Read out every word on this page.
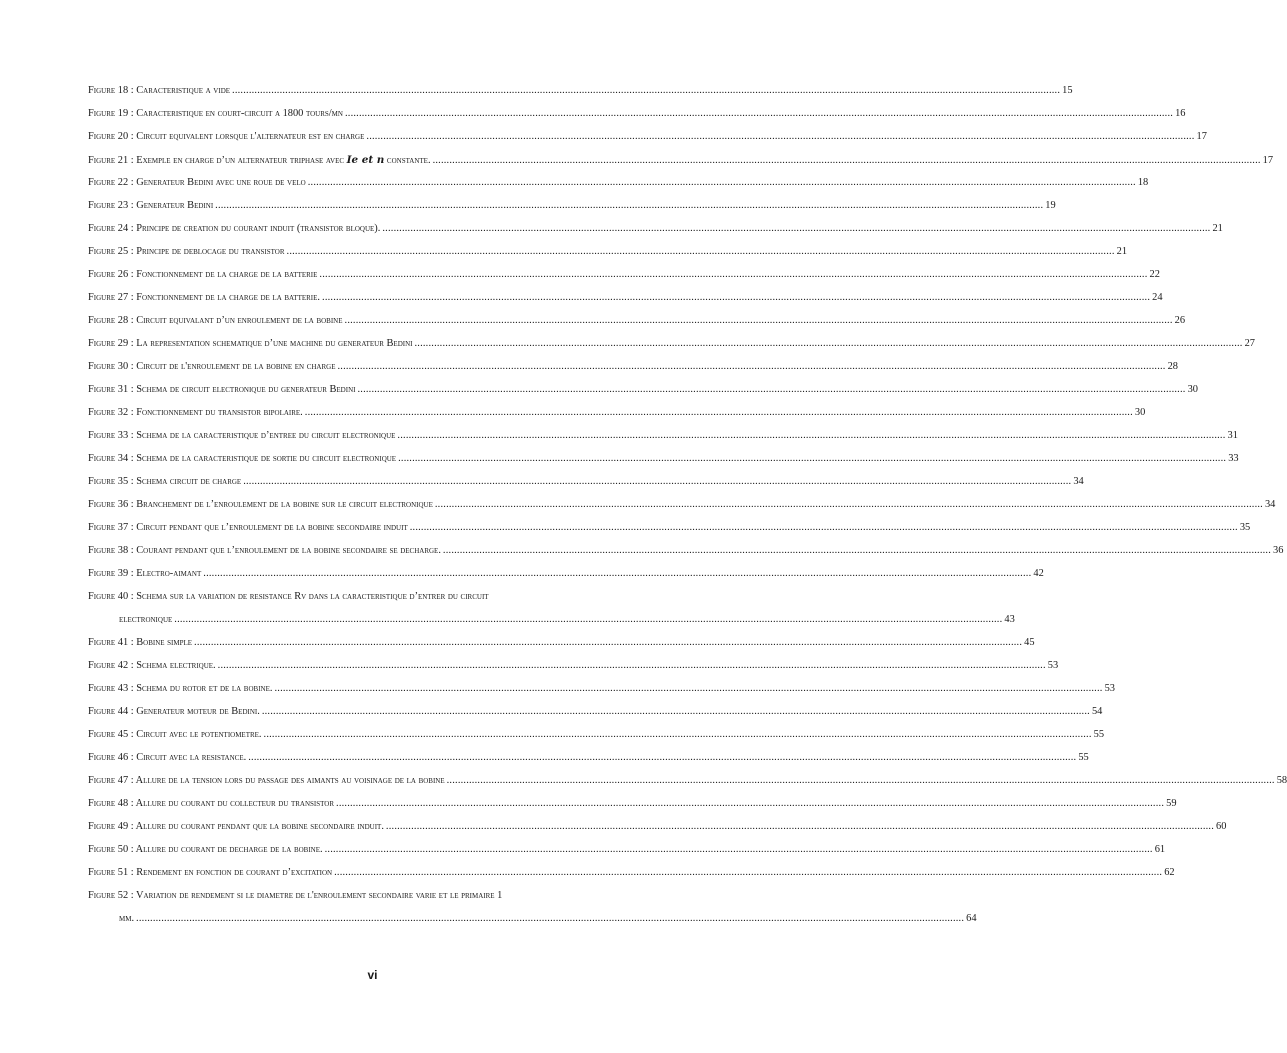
Figure 18 : Caracteristique a vide .....	15
Figure 19 : Caracteristique en court-circuit a 1800 tours/mn .....	16
Figure 20 : Circuit equivalent lorsque l'alternateur est en charge .....	17
Figure 21 : Exemple en charge d’un alternateur triphase avec Ie et n constante. .....	17
Figure 22 : Generateur Bedini avec une roue de velo .....	18
Figure 23 : Generateur Bedini .....	19
Figure 24 : Principe de creation du courant induit (transistor bloque). .....	21
Figure 25 : Principe de deblocage du transistor .....	21
Figure 26 : Fonctionnement de la charge de la batterie .....	22
Figure 27 : Fonctionnement de la charge de la batterie. .....	24
Figure 28 : Circuit equivalant d’un enroulement de la bobine .....	26
Figure 29 : La representation schematique d’une machine du generateur Bedini .....	27
Figure 30 : Circuit de l'enroulement de la bobine en charge .....	28
Figure 31 : Schema de circuit electronique du generateur Bedini .....	30
Figure 32 : Fonctionnement du transistor bipolaire. .....	30
Figure 33 : Schema de la caracteristique d’entree du circuit electronique .....	31
Figure 34 : Schema de la caracteristique de sortie du circuit electronique .....	33
Figure 35 : Schema circuit de charge .....	34
Figure 36 : Branchement de l’enroulement de la bobine sur le circuit electronique .....	34
Figure 37 : Circuit pendant que l’enroulement de la bobine secondaire induit .....	35
Figure 38 : Courant pendant que l’enroulement de la bobine secondaire se decharge. .....	36
Figure 39 : Electro-aimant .....	42
Figure 40 : Schema sur la variation de resistance Rv dans la caracteristique d’entrer du circuit
electronique .....	43
Figure 41 : Bobine simple .....	45
Figure 42 : Schema electrique. .....	53
Figure 43 : Schema du rotor et de la bobine. .....	53
Figure 44 : Generateur moteur de Bedini. .....	54
Figure 45 : Circuit avec le potentiometre. .....	55
Figure 46 : Circuit avec la resistance. .....	55
Figure 47 : Allure de la tension lors du passage des aimants au voisinage de la bobine .....	58
Figure 48 : Allure du courant du collecteur du transistor .....	59
Figure 49 : Allure du courant pendant que la bobine secondaire induit. .....	60
Figure 50 : Allure du courant de decharge de la bobine. .....	61
Figure 51 : Rendement en fonction de courant d’excitation .....	62
Figure 52 : Variation de rendement si le diametre de l'enroulement secondaire varie et le primaire 1
mm. .....	64
vi
